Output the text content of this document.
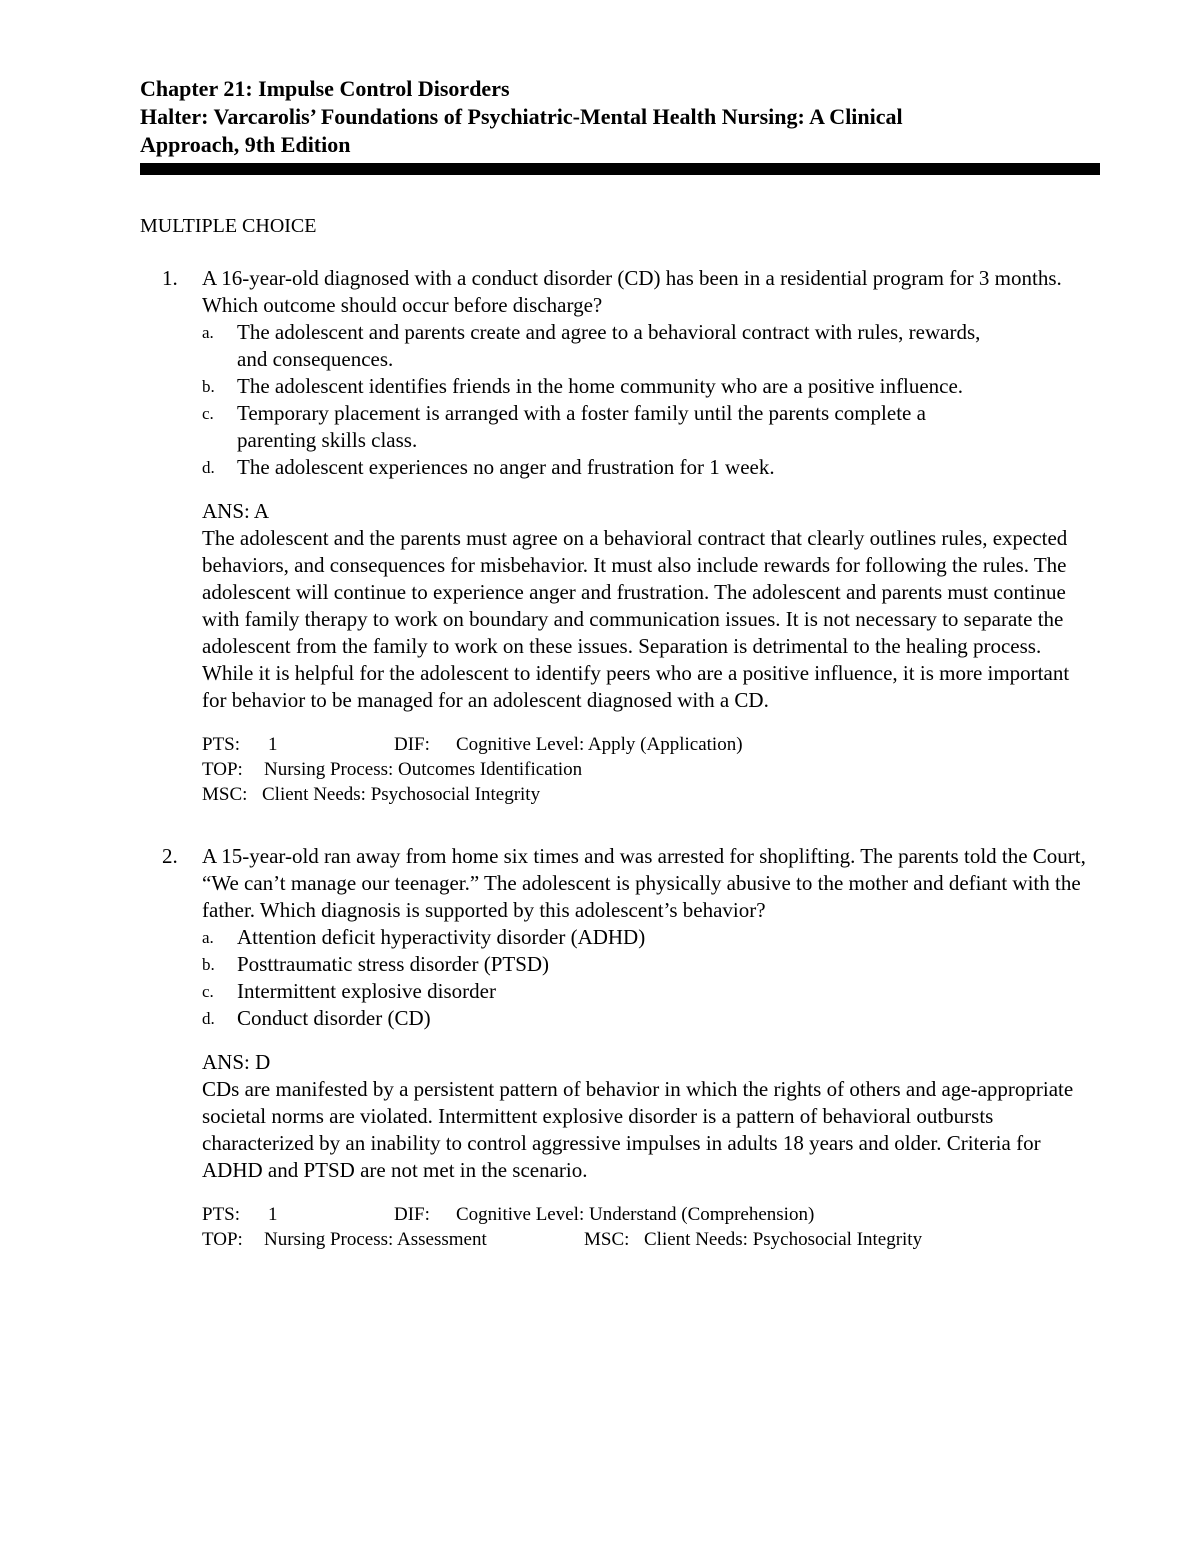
Chapter 21: Impulse Control Disorders

Halter: Varcarolis’ Foundations of Psychiatric-Mental Health Nursing: A Clinical

Approach, 9th Edition

MULTIPLE CHOICE
1.	A 16-year-old diagnosed with a conduct disorder (CD) has been in a residential program for 3 months. Which outcome should occur before discharge?

a. The adolescent and parents create and agree to a behavioral contract with rules, rewards, and consequences.
b. The adolescent identifies friends in the home community who are a positive influence.
c. Temporary placement is arranged with a foster family until the parents complete a parenting skills class.
d. The adolescent experiences no anger and frustration for 1 week.
ANS: A

The adolescent and the parents must agree on a behavioral contract that clearly outlines rules, expected behaviors, and consequences for misbehavior. It must also include rewards for following the rules. The adolescent will continue to experience anger and frustration. The adolescent and parents must continue with family therapy to work on boundary and communication issues. It is not necessary to separate the adolescent from the family to work on these issues. Separation is detrimental to the healing process. While it is helpful for the adolescent to identify peers who are a positive influence, it is more important for behavior to be managed for an adolescent diagnosed with a CD.

PTS:	1	DIF:	Cognitive Level: Apply (Application)
TOP:	Nursing Process: Outcomes Identification
MSC: Client Needs: Psychosocial Integrity
2.	A 15-year-old ran away from home six times and was arrested for shoplifting. The parents told the Court, “We can’t manage our teenager.” The adolescent is physically abusive to the mother and defiant with the father. Which diagnosis is supported by this adolescent’s behavior?

a. Attention deficit hyperactivity disorder (ADHD)
b. Posttraumatic stress disorder (PTSD)
c. Intermittent explosive disorder
d. Conduct disorder (CD)
ANS: D

CDs are manifested by a persistent pattern of behavior in which the rights of others and age-appropriate societal norms are violated. Intermittent explosive disorder is a pattern of behavioral outbursts characterized by an inability to control aggressive impulses in adults 18 years and older. Criteria for ADHD and PTSD are not met in the scenario.

PTS:	1	DIF:	Cognitive Level: Understand (Comprehension)
TOP:	Nursing Process: Assessment	MSC: Client Needs: Psychosocial Integrity
